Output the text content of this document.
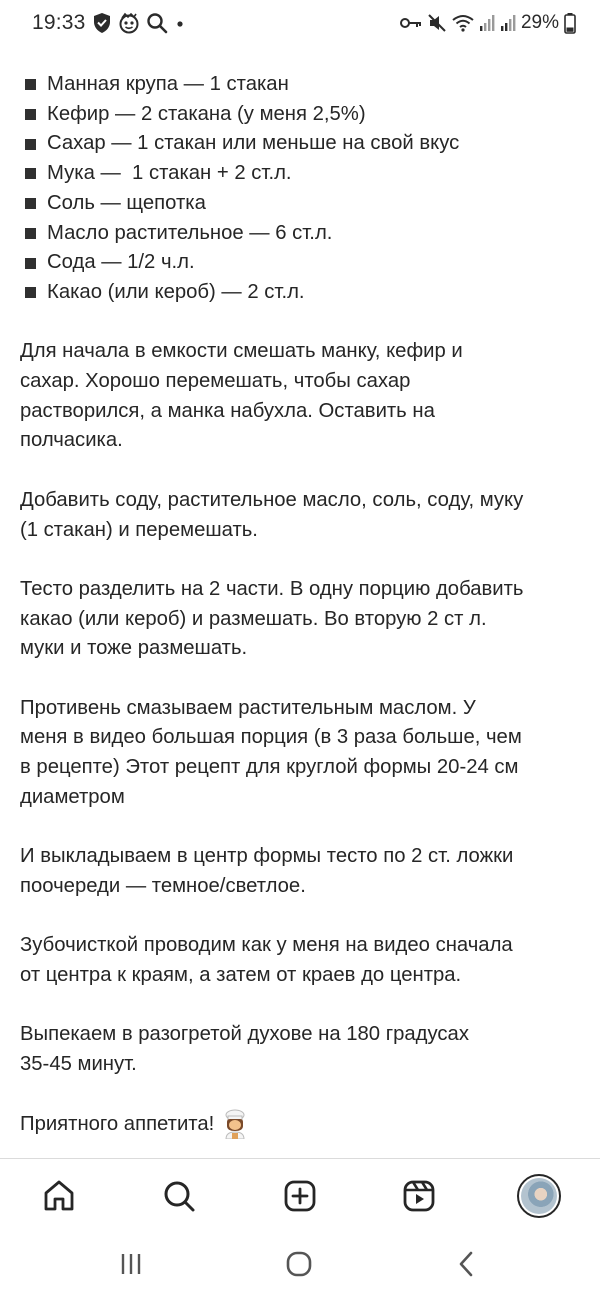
19:33	29%
Манная крупа — 1 стакан
Кефир — 2 стакана (у меня 2,5%)
Сахар — 1 стакан или меньше на свой вкус
Мука —  1 стакан + 2 ст.л.
Соль — щепотка
Масло растительное — 6 ст.л.
Сода — 1/2 ч.л.
Какао (или кероб) — 2 ст.л.

Для начала в емкости смешать манку, кефир и
сахар. Хорошо перемешать, чтобы сахар
растворился, а манка набухла. Оставить на
полчасика.

Добавить соду, растительное масло, соль, соду, муку
(1 стакан) и перемешать.

Тесто разделить на 2 части. В одну порцию добавить
какао (или кероб) и размешать. Во вторую 2 ст л.
муки и тоже размешать.

Противень смазываем растительным маслом. У
меня в видео большая порция (в 3 раза больше, чем
в рецепте) Этот рецепт для круглой формы 20-24 см
диаметром

И выкладываем в центр формы тесто по 2 ст. ложки
поочереди — темное/светлое.

Зубочисткой проводим как у меня на видео сначала
от центра к краям, а затем от краев до центра.

Выпекаем в разогретой духове на 180 градусах
35-45 минут.

Приятного аппетита!
